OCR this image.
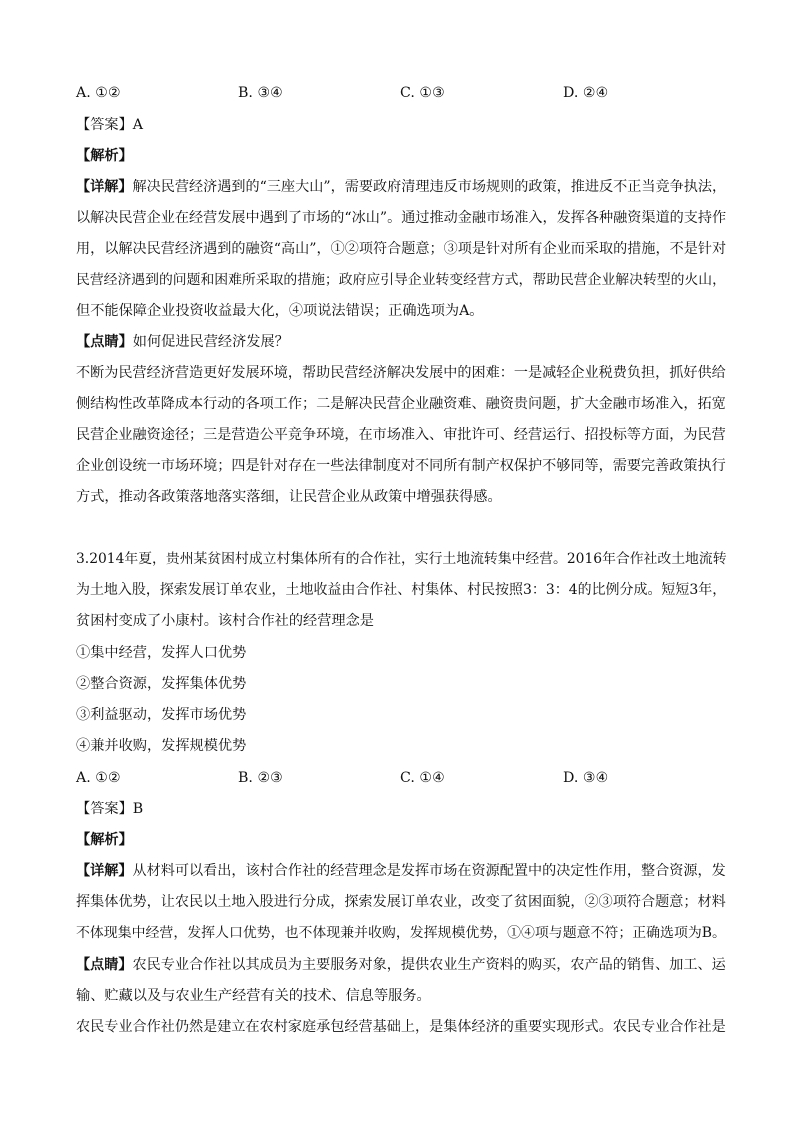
A. ①②	B. ③④	C. ①③	D. ②④
【答案】A
【解析】
【详解】解决民营经济遇到的“三座大山”，需要政府清理违反市场规则的政策，推进反不正当竞争执法，
以解决民营企业在经营发展中遇到了市场的“冰山”。通过推动金融市场准入，发挥各种融资渠道的支持作
用，以解决民营经济遇到的融资“高山”，①②项符合题意；③项是针对所有企业而采取的措施，不是针对
民营经济遇到的问题和困难所采取的措施；政府应引导企业转变经营方式，帮助民营企业解决转型的火山，
但不能保障企业投资收益最大化，④项说法错误；正确选项为A。
【点睛】如何促进民营经济发展？
不断为民营经济营造更好发展环境，帮助民营经济解决发展中的困难：一是减轻企业税费负担，抓好供给
侧结构性改革降成本行动的各项工作；二是解决民营企业融资难、融资贵问题，扩大金融市场准入，拓宽
民营企业融资途径；三是营造公平竞争环境，在市场准入、审批许可、经营运行、招投标等方面，为民营
企业创设统一市场环境；四是针对存在一些法律制度对不同所有制产权保护不够同等，需要完善政策执行
方式，推动各政策落地落实落细，让民营企业从政策中增强获得感。
3.2014年夏，贵州某贫困村成立村集体所有的合作社，实行土地流转集中经营。2016年合作社改土地流转
为土地入股，探索发展订单农业，土地收益由合作社、村集体、村民按照3：3：4的比例分成。短短3年，
贫困村变成了小康村。该村合作社的经营理念是
①集中经营，发挥人口优势
②整合资源，发挥集体优势
③利益驱动，发挥市场优势
④兼并收购，发挥规模优势
A. ①②	B. ②③	C. ①④	D. ③④
【答案】B
【解析】
【详解】从材料可以看出，该村合作社的经营理念是发挥市场在资源配置中的决定性作用，整合资源，发
挥集体优势，让农民以土地入股进行分成，探索发展订单农业，改变了贫困面貌，②③项符合题意；材料
不体现集中经营，发挥人口优势，也不体现兼并收购，发挥规模优势，①④项与题意不符；正确选项为B。
【点睛】农民专业合作社以其成员为主要服务对象，提供农业生产资料的购买，农产品的销售、加工、运
输、贮藏以及与农业生产经营有关的技术、信息等服务。
农民专业合作社仍然是建立在农村家庭承包经营基础上，是集体经济的重要实现形式。农民专业合作社是
